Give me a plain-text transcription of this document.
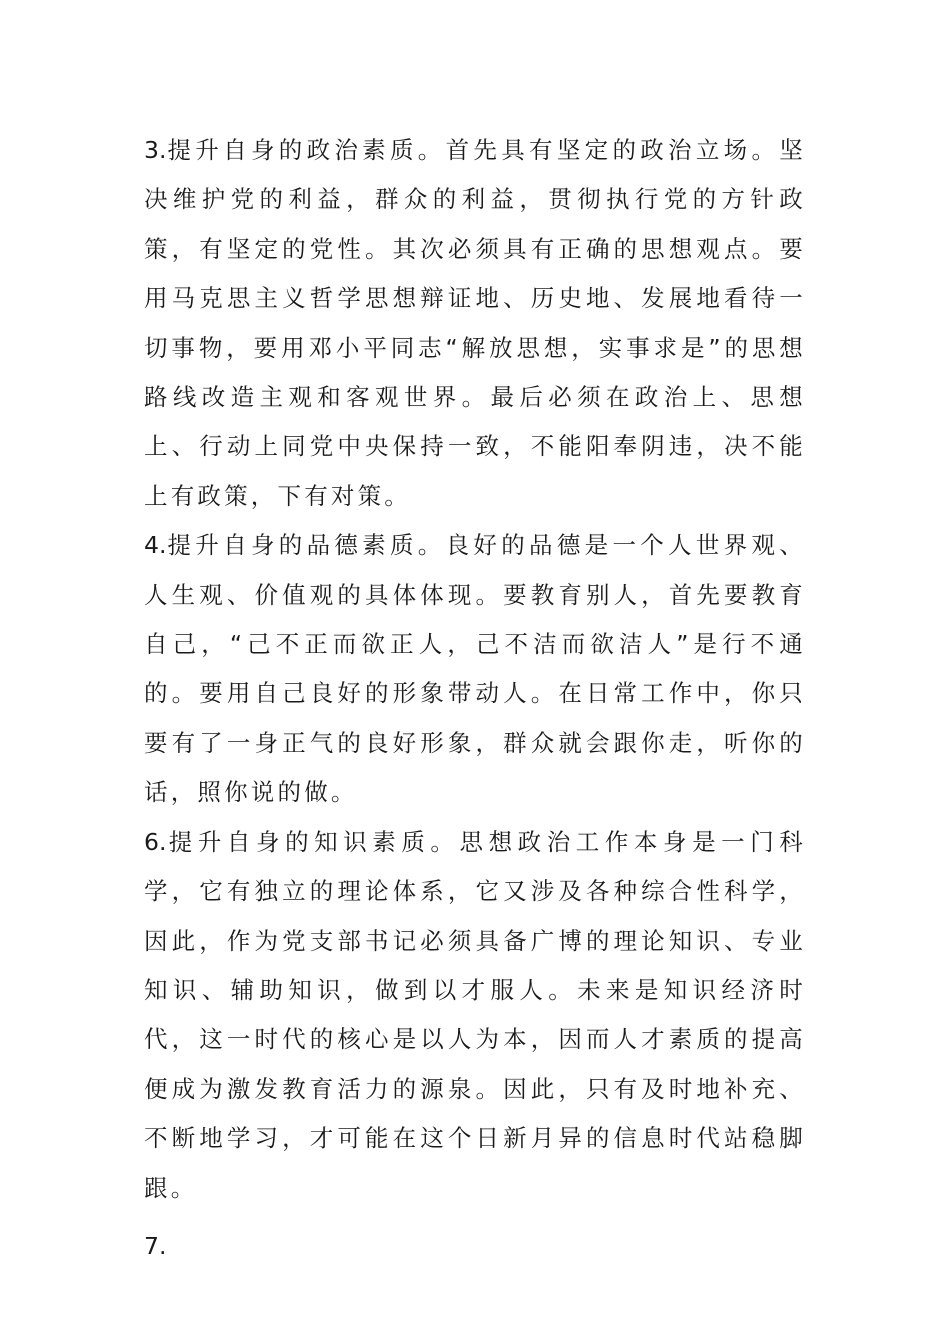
3.提升自身的政治素质。首先具有坚定的政治立场。坚决维护党的利益，群众的利益，贯彻执行党的方针政策，有坚定的党性。其次必须具有正确的思想观点。要用马克思主义哲学思想辩证地、历史地、发展地看待一切事物，要用邓小平同志“解放思想，实事求是”的思想路线改造主观和客观世界。最后必须在政治上、思想上、行动上同党中央保持一致，不能阳奉阴违，决不能上有政策，下有对策。

4.提升自身的品德素质。良好的品德是一个人世界观、人生观、价值观的具体体现。要教育别人，首先要教育自己，“己不正而欲正人，己不洁而欲洁人”是行不通的。要用自己良好的形象带动人。在日常工作中，你只要有了一身正气的良好形象，群众就会跟你走，听你的话，照你说的做。

6.提升自身的知识素质。思想政治工作本身是一门科学，它有独立的理论体系，它又涉及各种综合性科学，因此，作为党支部书记必须具备广博的理论知识、专业知识、辅助知识，做到以才服人。未来是知识经济时代，这一时代的核心是以人为本，因而人才素质的提高便成为激发教育活力的源泉。因此，只有及时地补充、不断地学习，才可能在这个日新月异的信息时代站稳脚跟。

7.
